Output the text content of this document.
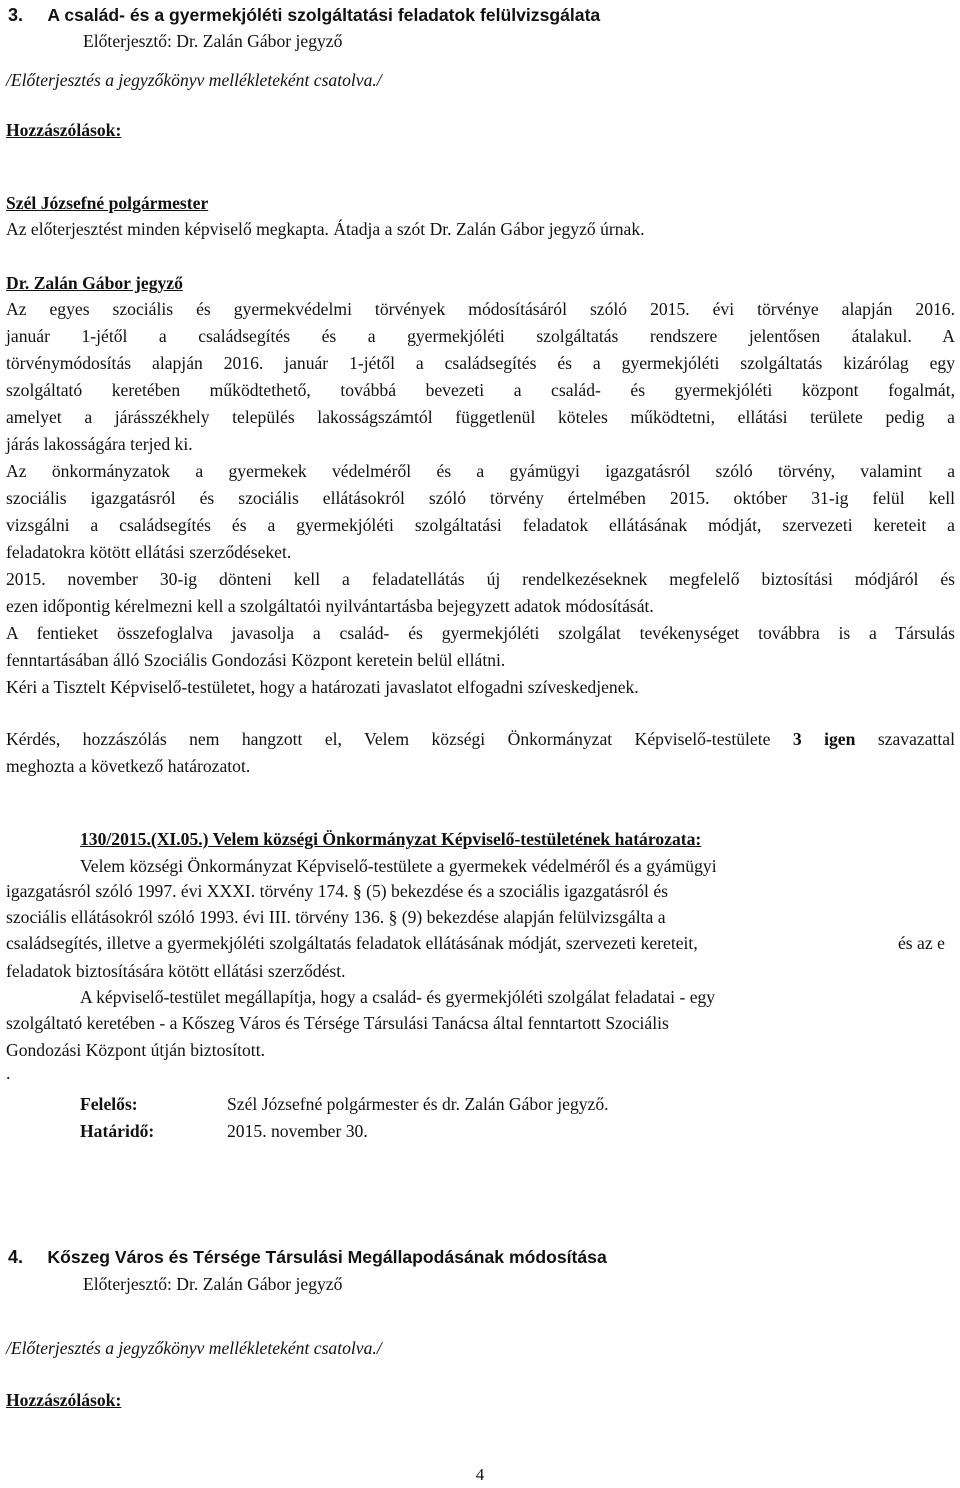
3. A család- és a gyermekjóléti szolgáltatási feladatok felülvizsgálata
Előterjesztő: Dr. Zalán Gábor jegyző
/Előterjesztés a jegyzőkönyv mellékleteként csatolva./
Hozzászólások:
Szél Józsefné polgármester
Az előterjesztést minden képviselő megkapta. Átadja a szót Dr. Zalán Gábor jegyző úrnak.
Dr. Zalán Gábor jegyző
Az egyes szociális és gyermekvédelmi törvények módosításáról szóló 2015. évi törvénye alapján 2016.
január 1-jétől a családsegítés és a gyermekjóléti szolgáltatás rendszere jelentősen átalakul. A
törvénymódosítás alapján 2016. január 1-jétől a családsegítés és a gyermekjóléti szolgáltatás kizárólag egy
szolgáltató keretében működtethető, továbbá bevezeti a család- és gyermekjóléti központ fogalmát,
amelyet a járásszékhely település lakosságszámtól függetlenül köteles működtetni, ellátási területe pedig a
járás lakosságára terjed ki.
Az önkormányzatok a gyermekek védelméről és a gyámügyi igazgatásról szóló törvény, valamint a
szociális igazgatásról és szociális ellátásokról szóló törvény értelmében 2015. október 31-ig felül kell
vizsgálni a családsegítés és a gyermekjóléti szolgáltatási feladatok ellátásának módját, szervezeti kereteit a
feladatokra kötött ellátási szerződéseket.
2015. november 30-ig dönteni kell a feladatellátás új rendelkezéseknek megfelelő biztosítási módjáról és
ezen időpontig kérelmezni kell a szolgáltatói nyilvántartásba bejegyzett adatok módosítását.
A fentieket összefoglalva javasolja a család- és gyermekjóléti szolgálat tevékenységet továbbra is a Társulás
fenntartásában álló Szociális Gondozási Központ keretein belül ellátni.
Kéri a Tisztelt Képviselő-testületet, hogy a határozati javaslatot elfogadni szíveskedjenek.
Kérdés, hozzászólás nem hangzott el, Velem községi Önkormányzat Képviselő-testülete 3 igen szavazattal
meghozta a következő határozatot.
130/2015.(XI.05.) Velem községi Önkormányzat Képviselő-testületének határozata:
Velem községi Önkormányzat Képviselő-testülete a gyermekek védelméről és a gyámügyi
igazgatásról szóló 1997. évi XXXI. törvény 174. § (5) bekezdése és a szociális igazgatásról és
szociális ellátásokról szóló 1993. évi III. törvény 136. § (9) bekezdése alapján felülvizsgálta a
családsegítés, illetve a gyermekjóléti szolgáltatás feladatok ellátásának módját, szervezeti kereteit,	és az e
feladatok biztosítására kötött ellátási szerződést.
A képviselő-testület megállapítja, hogy a család- és gyermekjóléti szolgálat feladatai - egy
szolgáltató keretében - a Kőszeg Város és Térsége Társulási Tanácsa által fenntartott Szociális
Gondozási Központ útján biztosított.
.
Felelős:	Szél Józsefné polgármester és dr. Zalán Gábor jegyző.
Határidő:	2015. november 30.
4. Kőszeg Város és Térsége Társulási Megállapodásának módosítása
Előterjesztő: Dr. Zalán Gábor jegyző
/Előterjesztés a jegyzőkönyv mellékleteként csatolva./
Hozzászólások:
4
